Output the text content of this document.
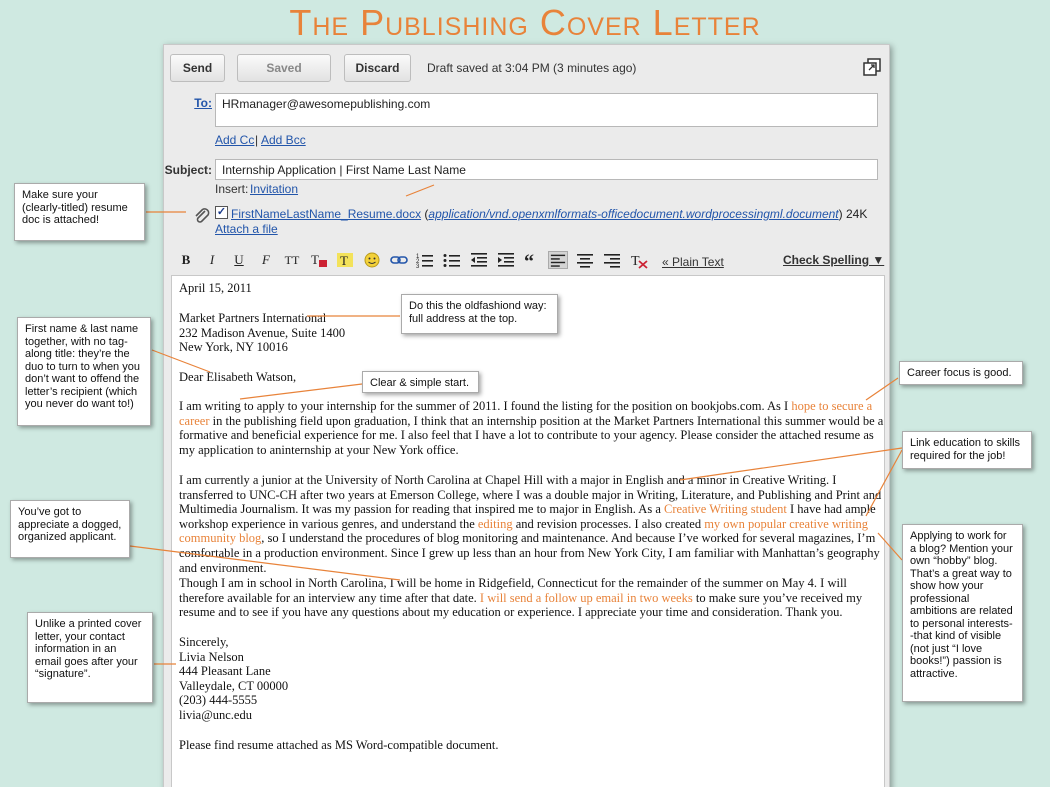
The Publishing Cover Letter
Send	Saved	Discard	Draft saved at 3:04 PM (3 minutes ago)
To: HRmanager@awesomepublishing.com
Add Cc | Add Bcc
Subject: Internship Application | First Name Last Name
Insert: Invitation
✓ FirstNameLastName_Resume.docx (application/vnd.openxmlformats-officedocument.wordprocessingml.document) 24K
Attach a file
B	I	U	F	TT T T	1
2
3	“	T « Plain Text	Check Spelling ▼
April 15, 2011
Market Partners International
232 Madison Avenue, Suite 1400
New York, NY 10016
Dear Elisabeth Watson,
I am writing to apply to your internship for the summer of 2011. I found the listing for the position on bookjobs.com. As I hope to secure a career in the publishing field upon graduation, I think that an internship position at the Market Partners International this summer would be a formative and beneficial experience for me. I also feel that I have a lot to contribute to your agency. Please consider the attached resume as my application to aninternship at your New York office.
I am currently a junior at the University of North Carolina at Chapel Hill with a major in English and a minor in Creative Writing. I transferred to UNC-CH after two years at Emerson College, where I was a double major in Writing, Literature, and Publishing and Print and Multimedia Journalism. It was my passion for reading that inspired me to major in English. As a Creative Writing student I have had ample workshop experience in various genres, and understand the editing and revision processes. I also created my own popular creative writing community blog, so I understand the procedures of blog monitoring and maintenance. And because I’ve worked for several magazines, I’m comfortable in a production environment. Since I grew up less than an hour from New York City, I am familiar with Manhattan’s geography and environment.
Though I am in school in North Carolina, I will be home in Ridgefield, Connecticut for the remainder of the summer on May 4. I will therefore available for an interview any time after that date. I will send a follow up email in two weeks to make sure you’ve received my resume and to see if you have any questions about my education or experience. I appreciate your time and consideration. Thank you.
Sincerely,
Livia Nelson
444 Pleasant Lane
Valleydale, CT 00000
(203) 444-5555
livia@unc.edu
Please find resume attached as MS Word-compatible document.
Make sure your (clearly-titled) resume doc is attached!
Do this the oldfashiond way: full address at the top.
First name & last name together, with no tag-along title: they’re the duo to turn to when you don’t want to offend the letter’s recipient (which you never do want to!)
Clear & simple start.
Career focus is good.
Link education to skills required for the job!
You’ve got to appreciate a dogged, organized applicant.	Applying to work for a blog? Mention your own “hobby” blog. That’s a great way to show how your professional ambitions are related to personal interests--that kind of visible (not just “I love books!”) passion is attractive.
Unlike a printed cover letter, your contact information in an email goes after your “signature”.
